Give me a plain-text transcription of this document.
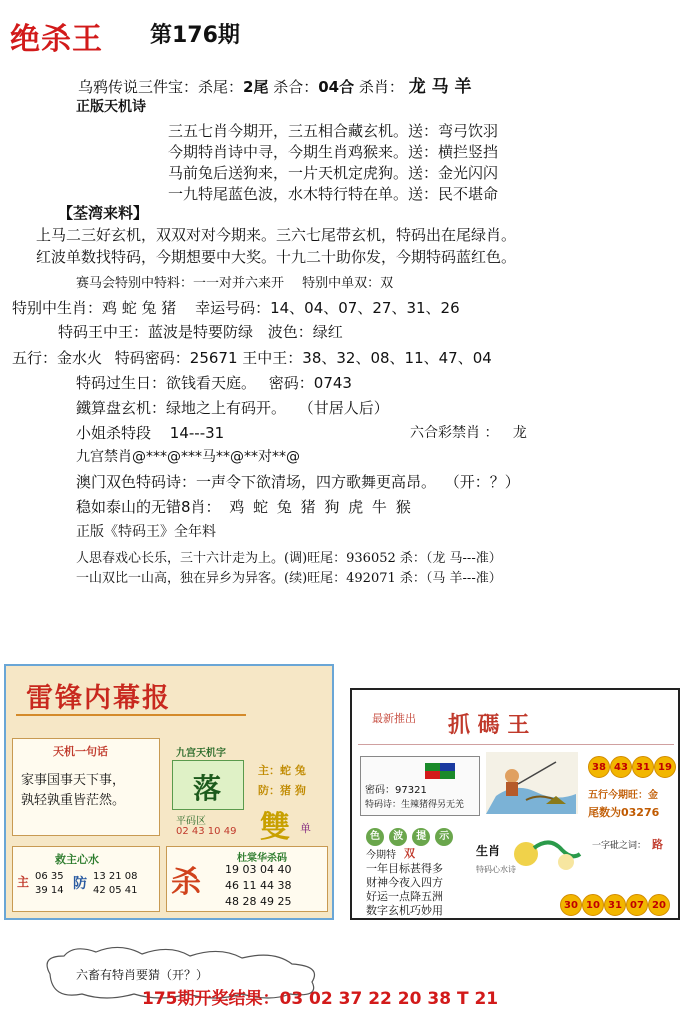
绝杀王 第176期
乌鸦传说三件宝：杀尾：2尾 杀合：04合 杀肖： 龙 马 羊
正版天机诗
三五七肖今期开，三五相合藏玄机。送：弯弓饮羽
今期特肖诗中寻，今期生肖鸡猴来。送：横拦竖挡
马前兔后送狗来，一片天机定虎狗。送：金光闪闪
一九特尾蓝色波，水木特行特在单。送：民不堪命
【荃湾来料】
上马二三好玄机，双双对对今期来。三六七尾带玄机，特码出在尾绿肖。
红波单数找特码，今期想要中大奖。十九二十助你发，今期特码蓝红色。
赛马会特别中特料：一一对并六来开 特别中单双：双
特别中生肖：鸡 蛇 兔 猪 幸运号码：14、04、07、27、31、26
特码王中王：蓝波是特要防绿 波色：绿红
五行：金水火 特码密码：25671 王中王：38、32、08、11、47、04
特码过生日：欲钱看天庭。 密码：0743
鐵算盘玄机：绿地之上有码开。 （甘居人后）
小姐杀特段 14---31	六合彩禁肖 ： 龙
九宫禁肖@***@***马**@**对**@
澳门双色特码诗：一声令下欲清场，四方歌舞更高昂。 （开：？）
稳如泰山的无错8肖： 鸡 蛇 兔 猪 狗 虎 牛 猴
正版《特码王》全年料
人思春戏心长乐，三十六计走为上。(调)旺尾：936052 杀：（龙 马---准）
一山双比一山高，独在异乡为异客。(续)旺尾：492071 杀：（马 羊---准）
雷锋内幕报
天机一句话
家事国事天下事，
孰轻孰重皆茫然。
九宫天机字
落
平码区
02 43 10 49
主：蛇 兔
防：猪 狗
雙 单
救主心水
主 06 35
39 14 防 13 21 08
42 05 41 杀
杜棠华杀码
19 03 04 40
46 11 44 38
48 28 49 25
最新推出 抓 碼 王
密码：97321
特码诗：生辣猪得另无羌
38 43 31 19
五行今期旺：金
尾数为03276
色 波 提 示
今期特 双
一年目标甚得多
财神今夜入四方
好运一点降五洲
数字玄机巧妙用
生肖
特码心水诗
一字砒之词： 路
30 10 31 07 20
六畜有特肖要猜（开？）
175期开奖结果：03 02 37 22 20 38 T 21
